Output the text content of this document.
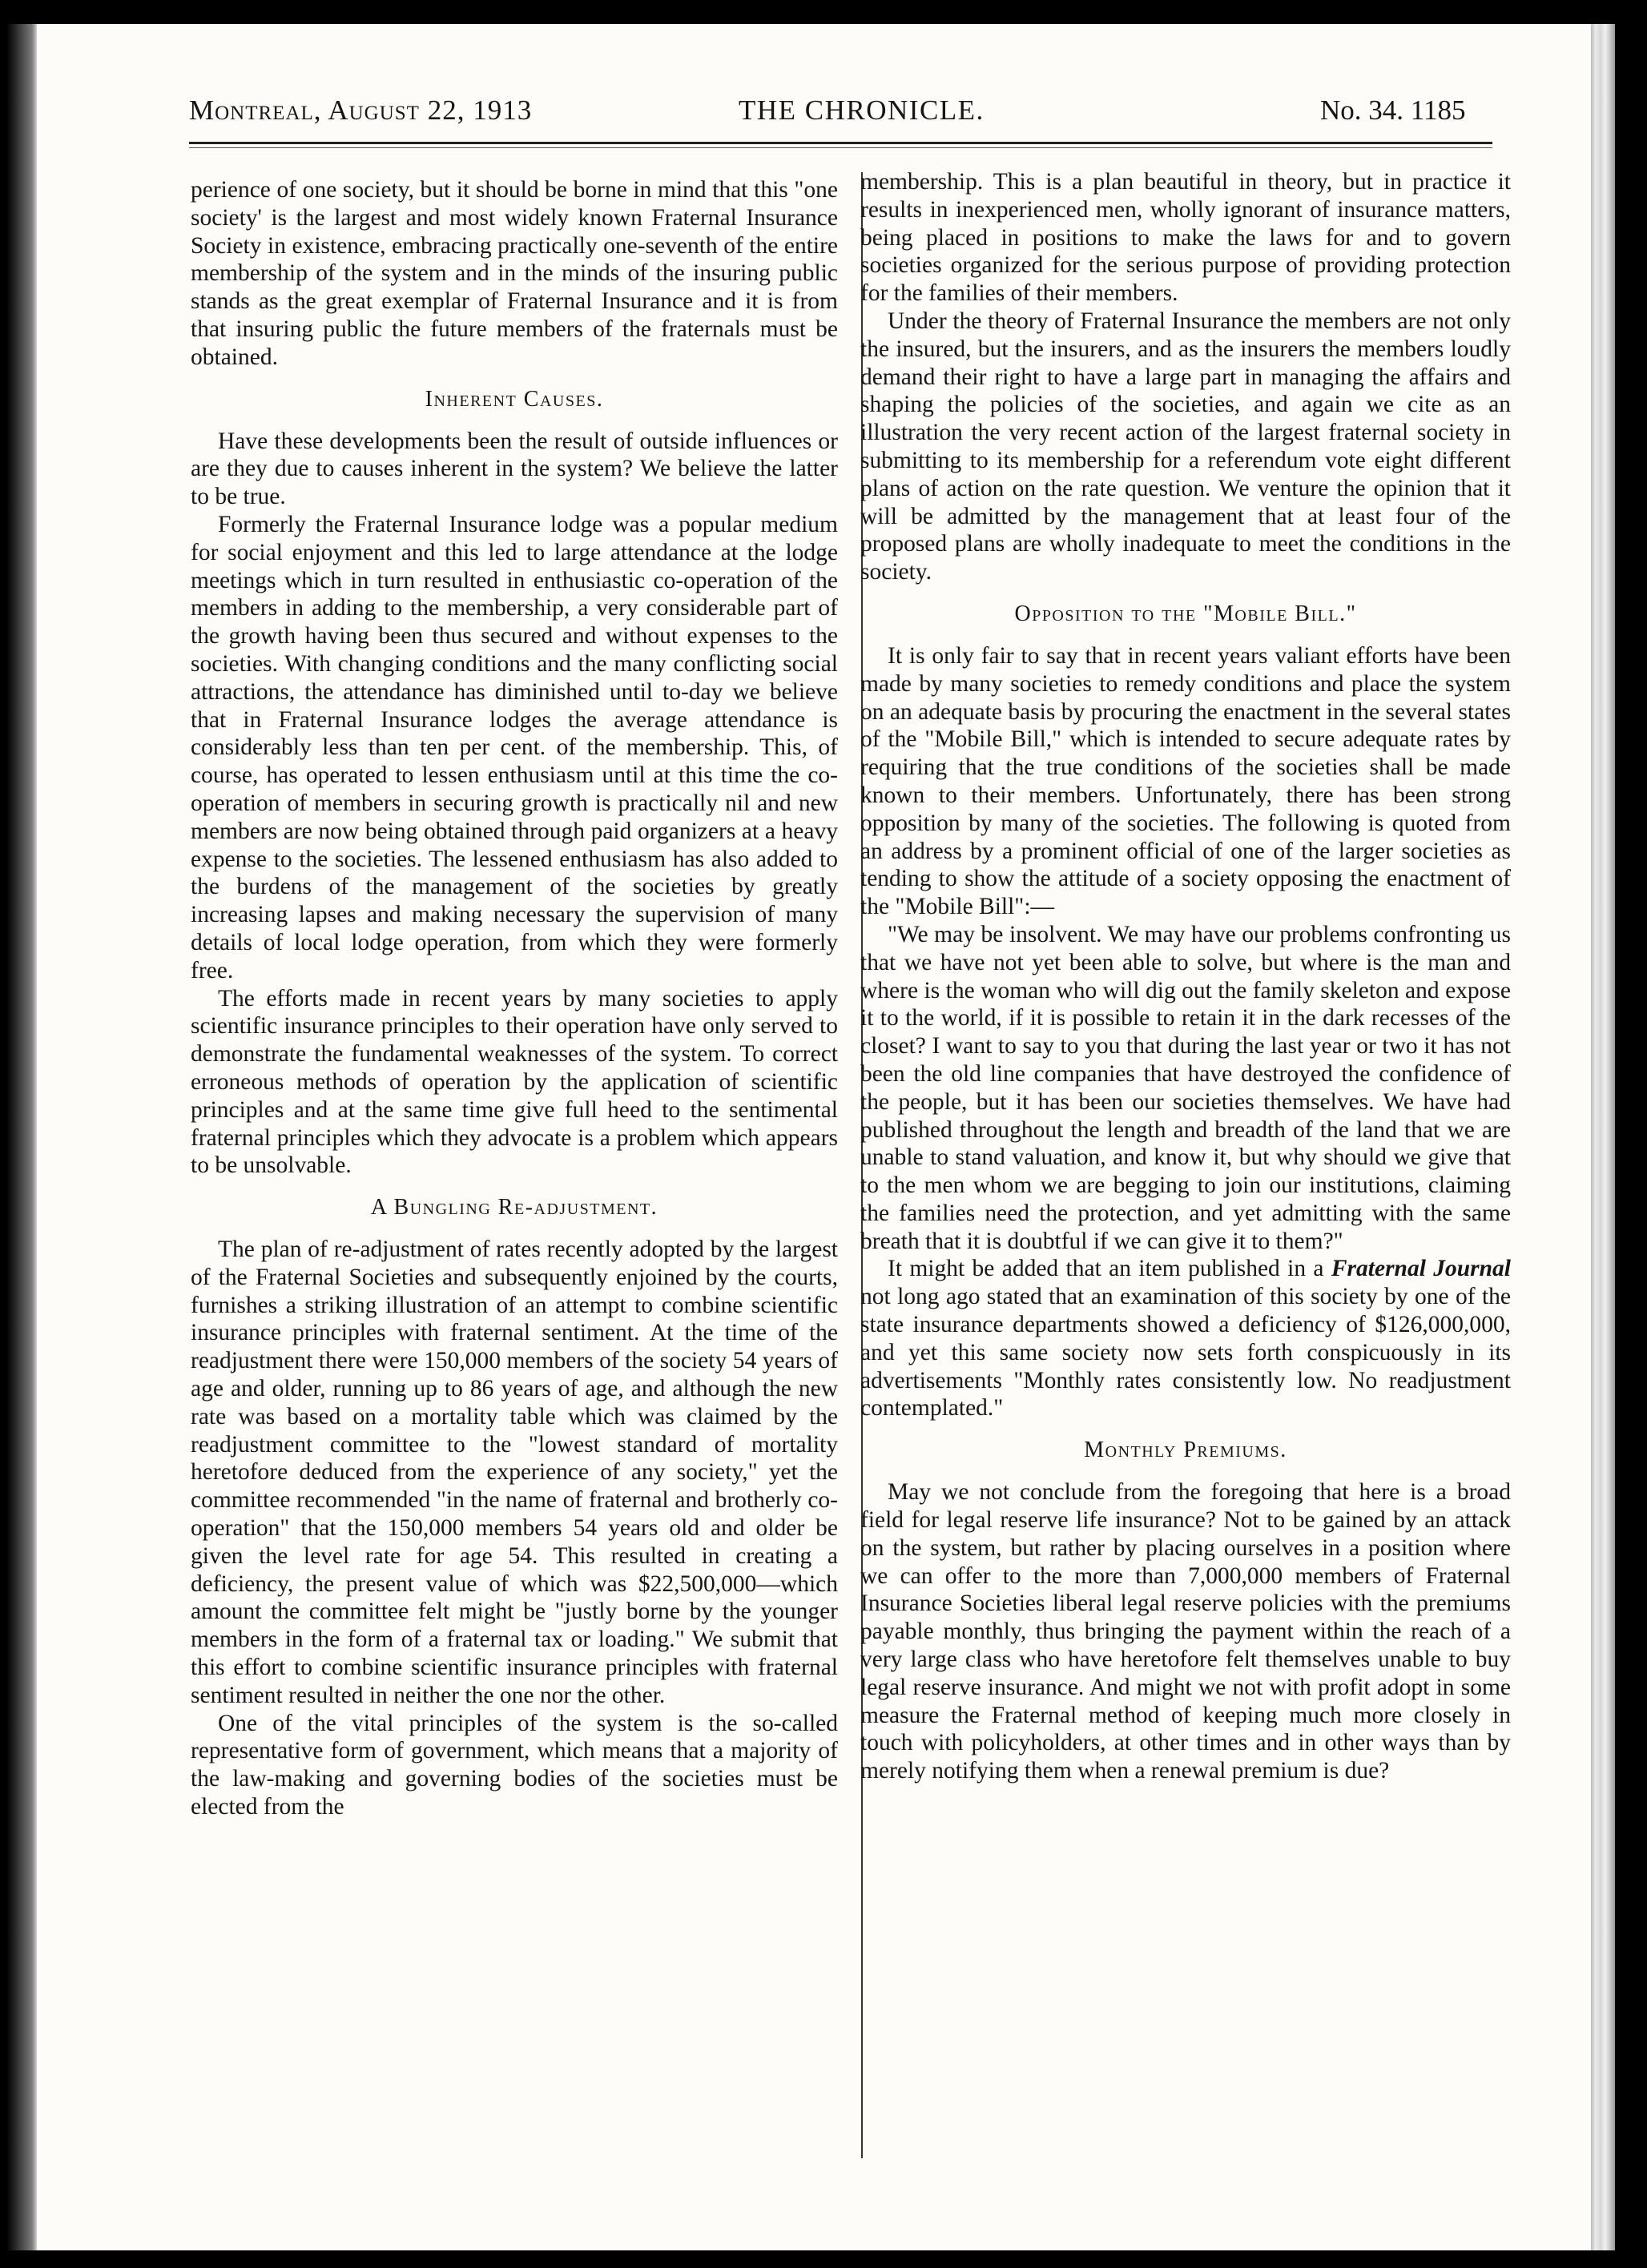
Montreal, August 22, 1913	THE CHRONICLE.	No. 34. 1185

perience of one society, but it should be borne in mind that this "one society' is the largest and most widely known Fraternal Insurance Society in existence, embracing practically one-seventh of the entire membership of the system and in the minds of the insuring public stands as the great exemplar of Fraternal Insurance and it is from that insuring public the future members of the fraternals must be obtained.

Inherent Causes.

Have these developments been the result of outside influences or are they due to causes inherent in the system? We believe the latter to be true.

Formerly the Fraternal Insurance lodge was a popular medium for social enjoyment and this led to large attendance at the lodge meetings which in turn resulted in enthusiastic co-operation of the members in adding to the membership, a very considerable part of the growth having been thus secured and without expenses to the societies. With changing conditions and the many conflicting social attractions, the attendance has diminished until to-day we believe that in Fraternal Insurance lodges the average attendance is considerably less than ten per cent. of the membership. This, of course, has operated to lessen enthusiasm until at this time the co-operation of members in securing growth is practically nil and new members are now being obtained through paid organizers at a heavy expense to the societies. The lessened enthusiasm has also added to the burdens of the management of the societies by greatly increasing lapses and making necessary the supervision of many details of local lodge operation, from which they were formerly free.

The efforts made in recent years by many societies to apply scientific insurance principles to their operation have only served to demonstrate the fundamental weaknesses of the system. To correct erroneous methods of operation by the application of scientific principles and at the same time give full heed to the sentimental fraternal principles which they advocate is a problem which appears to be unsolvable.

A Bungling Re-adjustment.

The plan of re-adjustment of rates recently adopted by the largest of the Fraternal Societies and subsequently enjoined by the courts, furnishes a striking illustration of an attempt to combine scientific insurance principles with fraternal sentiment. At the time of the readjustment there were 150,000 members of the society 54 years of age and older, running up to 86 years of age, and although the new rate was based on a mortality table which was claimed by the readjustment committee to the "lowest standard of mortality heretofore deduced from the experience of any society," yet the committee recommended "in the name of fraternal and brotherly co-operation" that the 150,000 members 54 years old and older be given the level rate for age 54. This resulted in creating a deficiency, the present value of which was $22,500,000—which amount the committee felt might be "justly borne by the younger members in the form of a fraternal tax or loading." We submit that this effort to combine scientific insurance principles with fraternal sentiment resulted in neither the one nor the other.

One of the vital principles of the system is the so-called representative form of government, which means that a majority of the law-making and governing bodies of the societies must be elected from the

membership. This is a plan beautiful in theory, but in practice it results in inexperienced men, wholly ignorant of insurance matters, being placed in positions to make the laws for and to govern societies organized for the serious purpose of providing protection for the families of their members.

Under the theory of Fraternal Insurance the members are not only the insured, but the insurers, and as the insurers the members loudly demand their right to have a large part in managing the affairs and shaping the policies of the societies, and again we cite as an illustration the very recent action of the largest fraternal society in submitting to its membership for a referendum vote eight different plans of action on the rate question. We venture the opinion that it will be admitted by the management that at least four of the proposed plans are wholly inadequate to meet the conditions in the society.

Opposition to the "Mobile Bill."

It is only fair to say that in recent years valiant efforts have been made by many societies to remedy conditions and place the system on an adequate basis by procuring the enactment in the several states of the "Mobile Bill," which is intended to secure adequate rates by requiring that the true conditions of the societies shall be made known to their members. Unfortunately, there has been strong opposition by many of the societies. The following is quoted from an address by a prominent official of one of the larger societies as tending to show the attitude of a society opposing the enactment of the "Mobile Bill":—

"We may be insolvent. We may have our problems confronting us that we have not yet been able to solve, but where is the man and where is the woman who will dig out the family skeleton and expose it to the world, if it is possible to retain it in the dark recesses of the closet? I want to say to you that during the last year or two it has not been the old line companies that have destroyed the confidence of the people, but it has been our societies themselves. We have had published throughout the length and breadth of the land that we are unable to stand valuation, and know it, but why should we give that to the men whom we are begging to join our institutions, claiming the families need the protection, and yet admitting with the same breath that it is doubtful if we can give it to them?"

It might be added that an item published in a Fraternal Journal not long ago stated that an examination of this society by one of the state insurance departments showed a deficiency of $126,000,000, and yet this same society now sets forth conspicuously in its advertisements "Monthly rates consistently low. No readjustment contemplated."

Monthly Premiums.

May we not conclude from the foregoing that here is a broad field for legal reserve life insurance? Not to be gained by an attack on the system, but rather by placing ourselves in a position where we can offer to the more than 7,000,000 members of Fraternal Insurance Societies liberal legal reserve policies with the premiums payable monthly, thus bringing the payment within the reach of a very large class who have heretofore felt themselves unable to buy legal reserve insurance. And might we not with profit adopt in some measure the Fraternal method of keeping much more closely in touch with policyholders, at other times and in other ways than by merely notifying them when a renewal premium is due?
